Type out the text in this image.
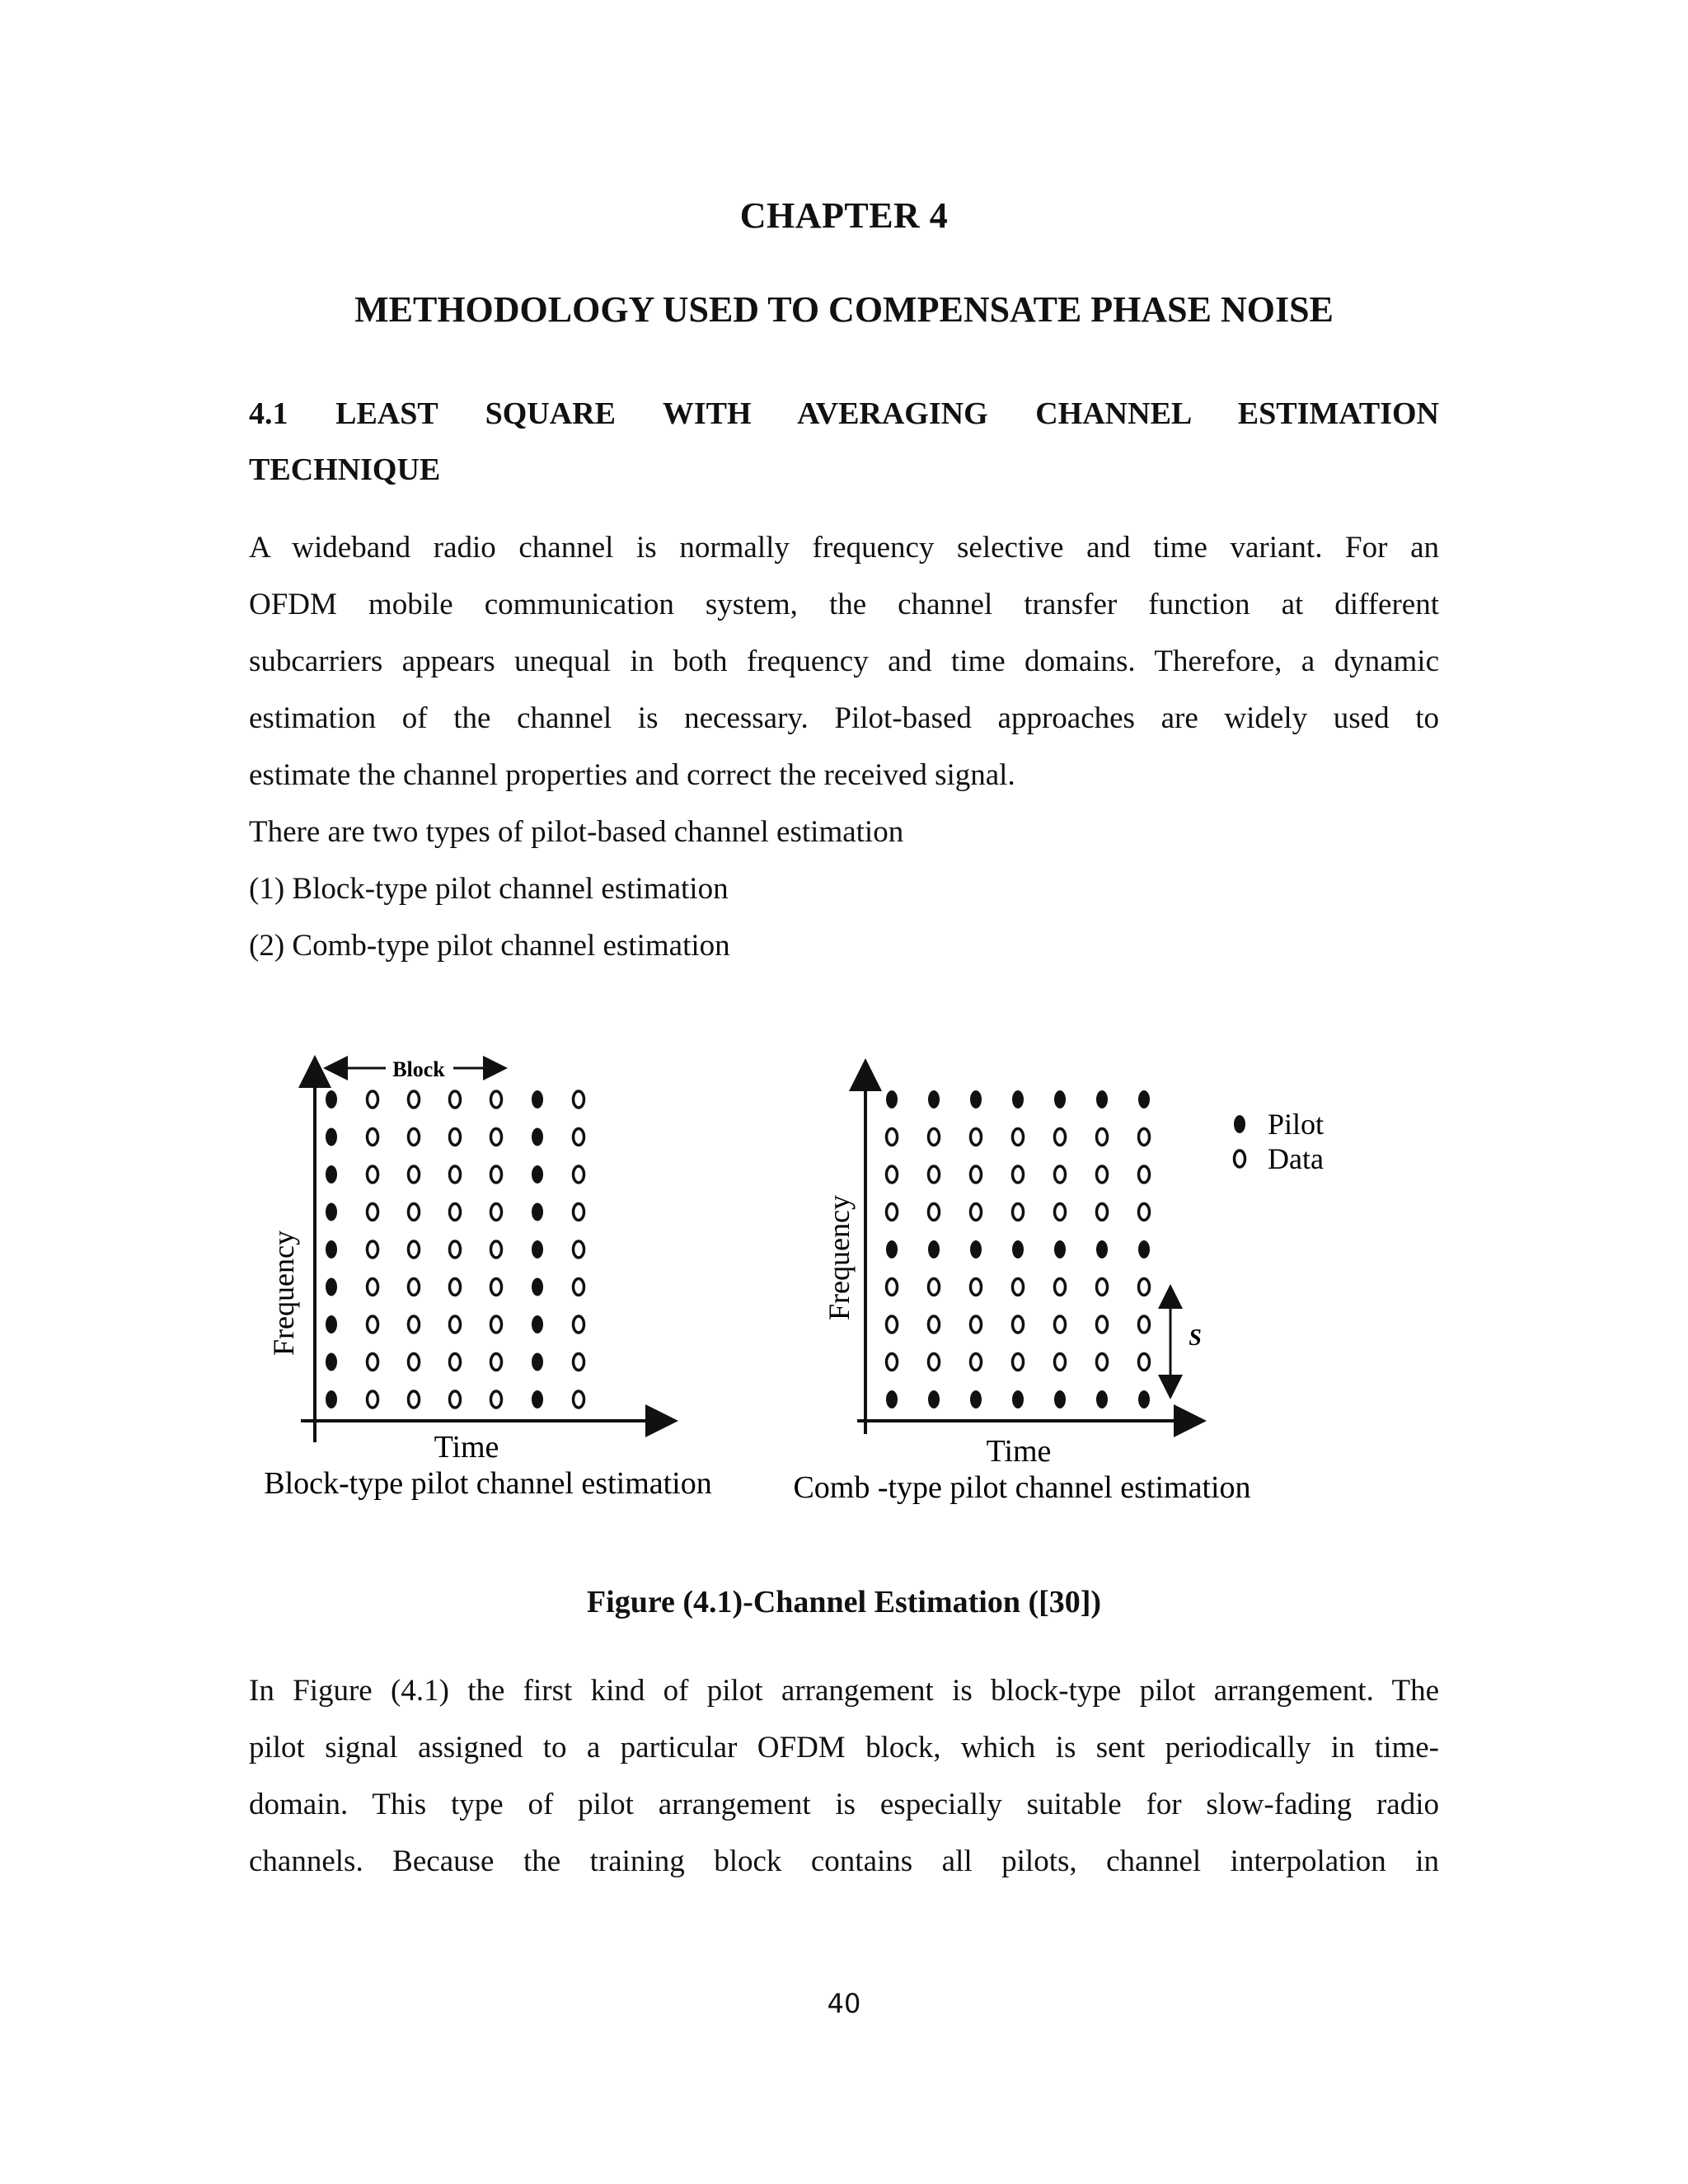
CHAPTER 4
METHODOLOGY USED TO COMPENSATE PHASE NOISE
4.1 LEAST SQUARE WITH AVERAGING CHANNEL ESTIMATION
TECHNIQUE
A wideband radio channel is normally frequency selective and time variant. For an
OFDM mobile communication system, the channel transfer function at different
subcarriers appears unequal in both frequency and time domains. Therefore, a dynamic
estimation of the channel is necessary. Pilot-based approaches are widely used to
estimate the channel properties and correct the received signal.
There are two types of pilot-based channel estimation
(1) Block-type pilot channel estimation
(2) Comb-type pilot channel estimation
Block
Frequency
Time
Block-type pilot channel estimation
Frequency
Time
Comb -type pilot channel estimation
S
Pilot
Data
Figure (4.1)-Channel Estimation ([30])
In Figure (4.1) the first kind of pilot arrangement is block-type pilot arrangement. The
pilot signal assigned to a particular OFDM block, which is sent periodically in time-
domain. This type of pilot arrangement is especially suitable for slow-fading radio
channels. Because the training block contains all pilots, channel interpolation in
40
